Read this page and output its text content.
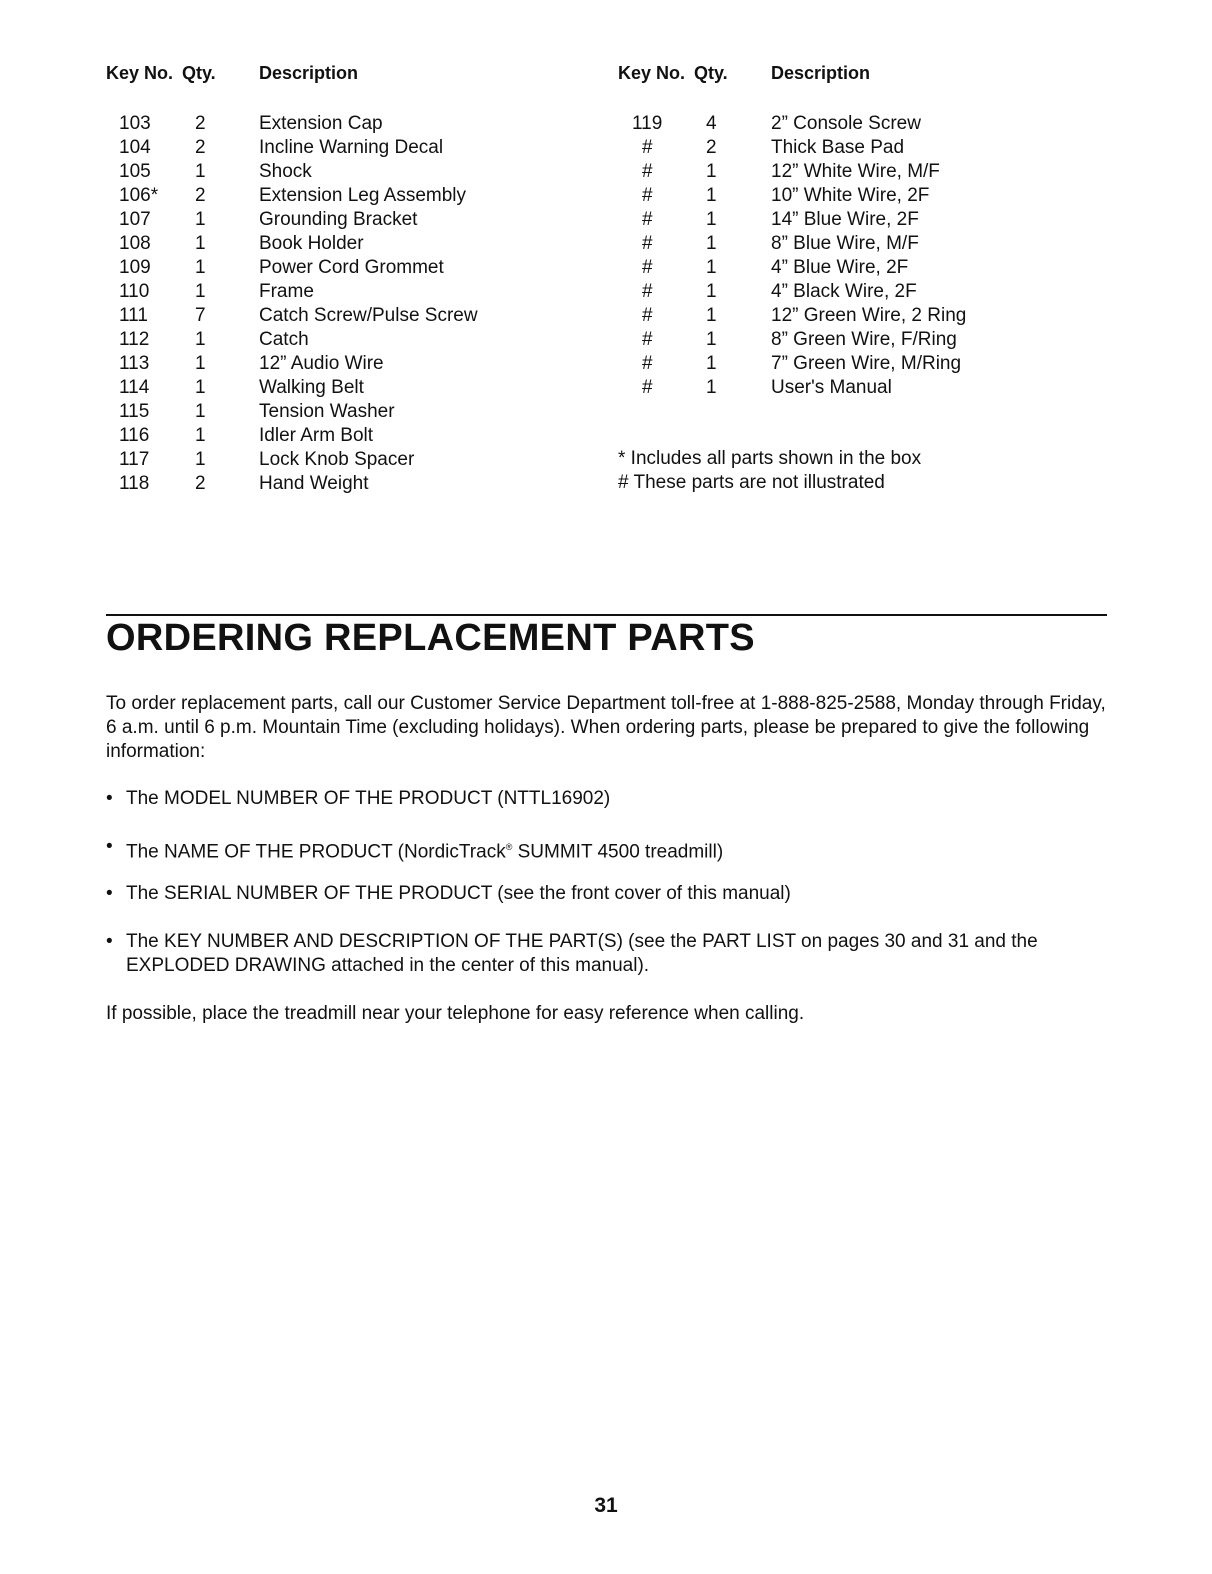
Key No. Qty. Description	Key No. Qty. Description
103 2	Extension Cap
104 2	Incline Warning Decal
105 1	Shock
106* 2	Extension Leg Assembly
107 1	Grounding Bracket
108 1	Book Holder
109 1	Power Cord Grommet
110 1	Frame
111 7	Catch Screw/Pulse Screw
112 1	Catch
113 1	12” Audio Wire
114 1	Walking Belt
115 1	Tension Washer
116 1	Idler Arm Bolt
117 1	Lock Knob Spacer
118 2	Hand Weight
119 4	2” Console Screw
#	2	Thick Base Pad
#	1	12” White Wire, M/F
#	1	10” White Wire, 2F
#	1	14” Blue Wire, 2F
#	1	8” Blue Wire, M/F
#	1	4” Blue Wire, 2F
#	1	4” Black Wire, 2F
#	1	12” Green Wire, 2 Ring
#	1	8” Green Wire, F/Ring
#	1	7” Green Wire, M/Ring
#	1	User's Manual
* Includes all parts shown in the box
# These parts are not illustrated
ORDERING REPLACEMENT PARTS

To order replacement parts, call our Customer Service Department toll-free at 1-888-825-2588, Monday through Friday, 6 a.m. until 6 p.m. Mountain Time (excluding holidays). When ordering parts, please be prepared to give the following information:

• The MODEL NUMBER OF THE PRODUCT (NTTL16902)
• The NAME OF THE PRODUCT (NordicTrack® SUMMIT 4500 treadmill)
• The SERIAL NUMBER OF THE PRODUCT (see the front cover of this manual)
• The KEY NUMBER AND DESCRIPTION OF THE PART(S) (see the PART LIST on pages 30 and 31 and the EXPLODED DRAWING attached in the center of this manual).

If possible, place the treadmill near your telephone for easy reference when calling.

31
